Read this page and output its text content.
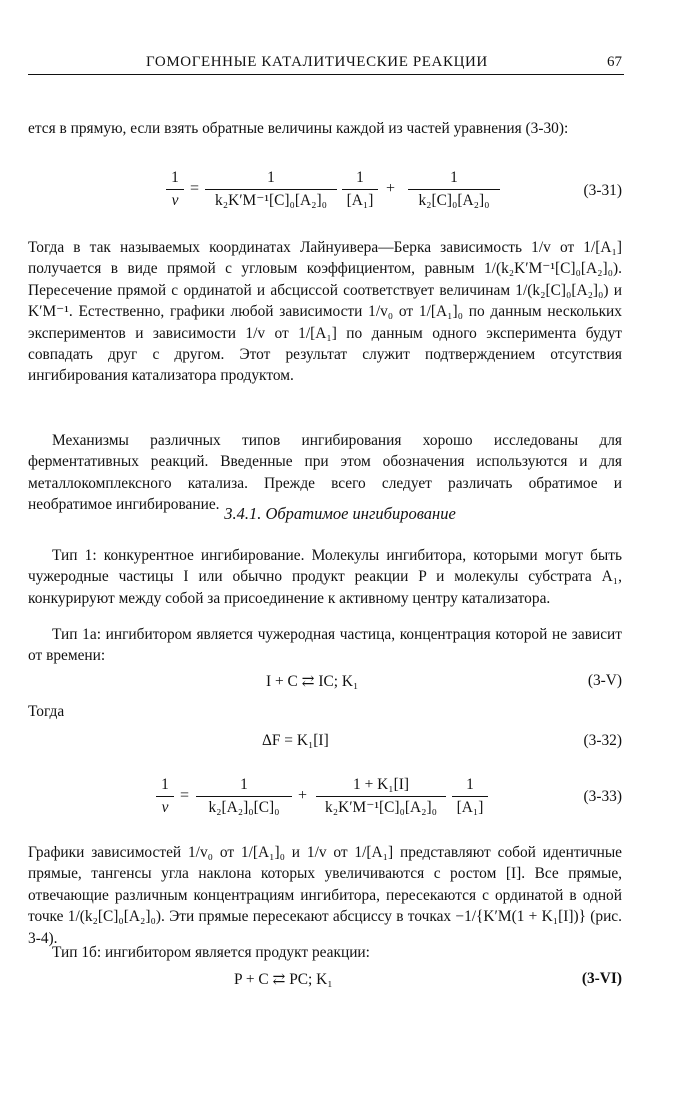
ГОМОГЕННЫЕ КАТАЛИТИЧЕСКИЕ РЕАКЦИИ	67
ется в прямую, если взять обратные величины каждой из частей уравнения (3-30):
1
v
=
1
k₂K′M⁻¹[C]₀[A₂]₀
1
[A₁]
+
1
k₂[C]₀[A₂]₀
(3-31)
Тогда в так называемых координатах Лайнуивера—Берка зависимость 1/v от 1/[A₁] получается в виде прямой с угловым коэффициентом, равным 1/(k₂K′M⁻¹[C]₀[A₂]₀). Пересечение прямой с ординатой и абсциссой соответствует величинам 1/(k₂[C]₀[A₂]₀) и K′M⁻¹. Естественно, графики любой зависимости 1/v₀ от 1/[A₁]₀ по данным нескольких экспериментов и зависимости 1/v от 1/[A₁] по данным одного эксперимента будут совпадать друг с другом. Этот результат служит подтверждением отсутствия ингибирования катализатора продуктом.
Механизмы различных типов ингибирования хорошо исследованы для ферментативных реакций. Введенные при этом обозначения используются и для металлокомплексного катализа. Прежде всего следует различать обратимое и необратимое ингибирование. 3.4.1. Обратимое ингибирование
Тип 1: конкурентное ингибирование. Молекулы ингибитора, которыми могут быть чужеродные частицы I или обычно продукт реакции P и молекулы субстрата A₁, конкурируют между собой за присоединение к активному центру катализатора.
Тип 1а: ингибитором является чужеродная частица, концентрация которой не зависит от времени:
I + C ⇄ IC; K₁	(3-V)
Тогда
ΔF = K₁[I]	(3-32)
1
v
=
1
k₂[A₂]₀[C]₀
+
1 + K₁[I]
k₂K′M⁻¹[C]₀[A₂]₀
1
[A₁]
(3-33)
Графики зависимостей 1/v₀ от 1/[A₁]₀ и 1/v от 1/[A₁] представляют собой идентичные прямые, тангенсы угла наклона которых увеличиваются с ростом [I]. Все прямые, отвечающие различным концентрациям ингибитора, пересекаются с ординатой в одной точке 1/(k₂[C]₀[A₂]₀). Эти прямые пересекают абсциссу в точках −1/{K′M(1 + K₁[I])} (рис. 3-4).
Тип 1б: ингибитором является продукт реакции:
P + C ⇄ PC; K₁	(3-VI)
